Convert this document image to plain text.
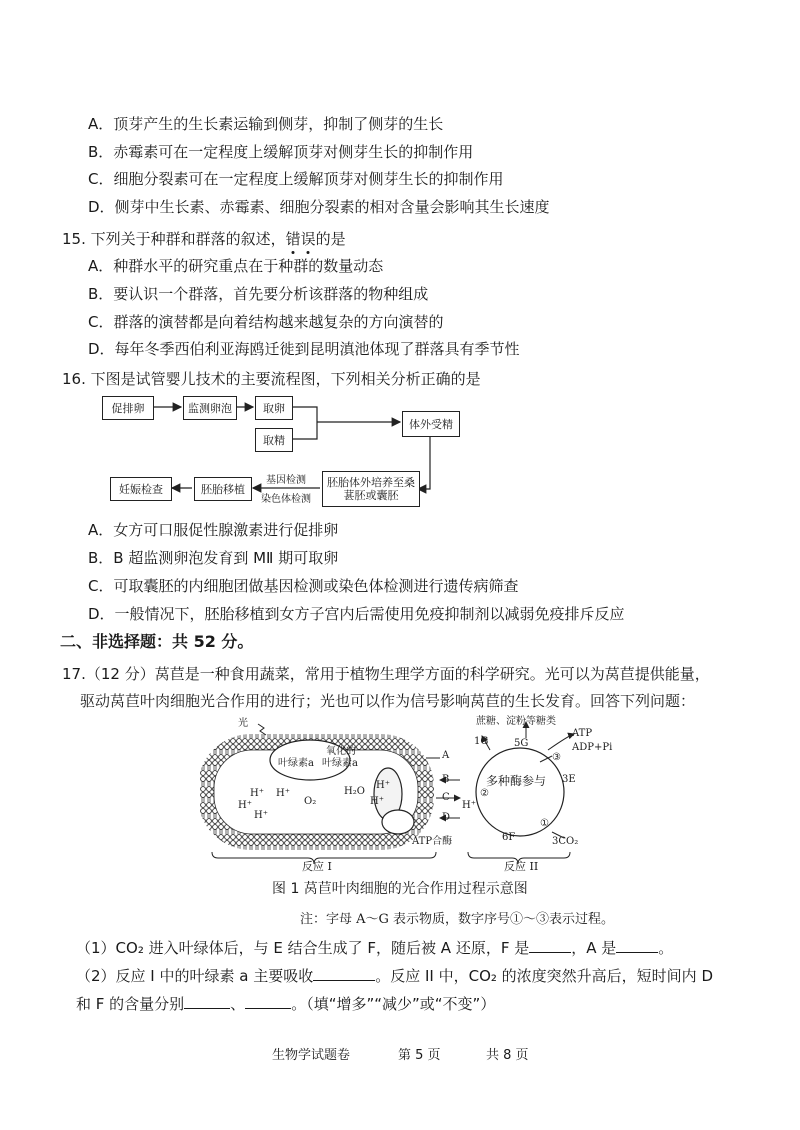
A．顶芽产生的生长素运输到侧芽，抑制了侧芽的生长
B．赤霉素可在一定程度上缓解顶芽对侧芽生长的抑制作用
C．细胞分裂素可在一定程度上缓解顶芽对侧芽生长的抑制作用
D．侧芽中生长素、赤霉素、细胞分裂素的相对含量会影响其生长速度
15. 下列关于种群和群落的叙述，错误的是
A．种群水平的研究重点在于种群的数量动态
B．要认识一个群落，首先要分析该群落的物种组成
C．群落的演替都是向着结构越来越复杂的方向演替的
D．每年冬季西伯利亚海鸥迁徙到昆明滇池体现了群落具有季节性
16. 下图是试管婴儿技术的主要流程图，下列相关分析正确的是
促排卵	监测卵泡	取卵
取精
体外受精
胚胎体外培养至桑葚胚或囊胚
基因检测
染色体检测
胚胎移植
妊娠检查
A．女方可口服促性腺激素进行促排卵
B．B 超监测卵泡发育到 MⅡ 期可取卵
C．可取囊胚的内细胞团做基因检测或染色体检测进行遗传病筛查
D．一般情况下，胚胎移植到女方子宫内后需使用免疫抑制剂以减弱免疫排斥反应
二、非选择题：共 52 分。
17.（12 分）莴苣是一种食用蔬菜，常用于植物生理学方面的科学研究。光可以为莴苣提供能量，
驱动莴苣叶肉细胞光合作用的进行；光也可以作为信号影响莴苣的生长发育。回答下列问题：
光
叶绿素a
氧化的
叶绿素a
H⁺
H⁺
H⁺
H⁺
O₂
H₂O
H⁺
H⁺	H⁺
A
B
C
D
ATP合酶
蔗糖、淀粉等糖类
1G	5G
ATP
ADP+Pi
3E
6F	3CO₂
多种酶参与
③
②
①
反应 I	反应 II
图 1 莴苣叶肉细胞的光合作用过程示意图
注：字母 A～G 表示物质，数字序号①～③表示过程。
（1）CO₂ 进入叶绿体后，与 E 结合生成了 F，随后被 A 还原，F 是	，A 是	。
（2）反应 I 中的叶绿素 a 主要吸收	。反应 II 中，CO₂ 的浓度突然升高后，短时间内 D
和 F 的含量分别	、	。（填“增多”“减少”或“不变”）
生物学试题卷	第 5 页	共 8 页
